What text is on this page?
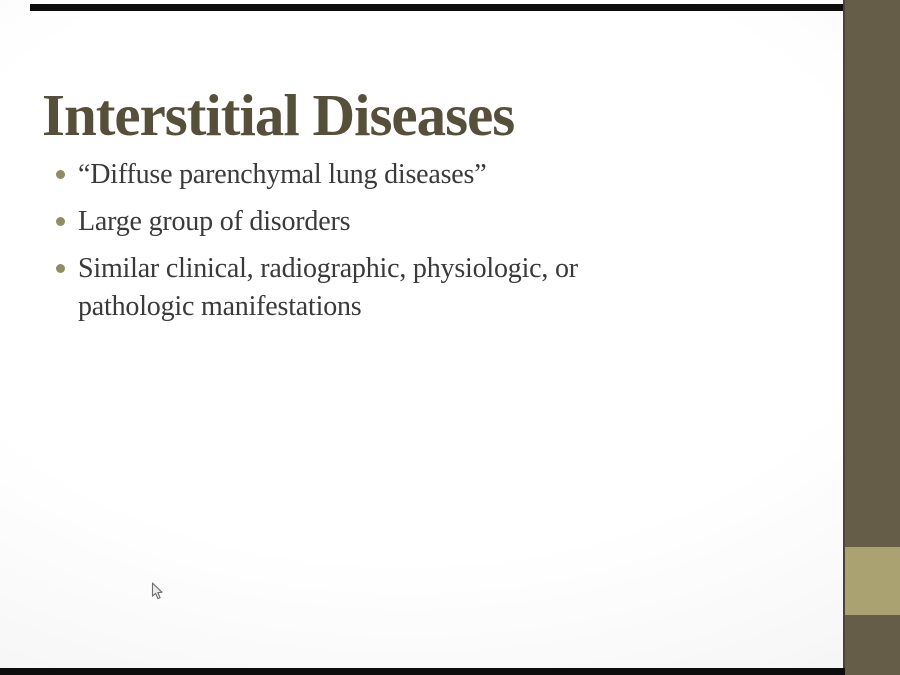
Interstitial Diseases
“Diffuse parenchymal lung diseases”
Large group of disorders
Similar clinical, radiographic, physiologic, or pathologic manifestations
